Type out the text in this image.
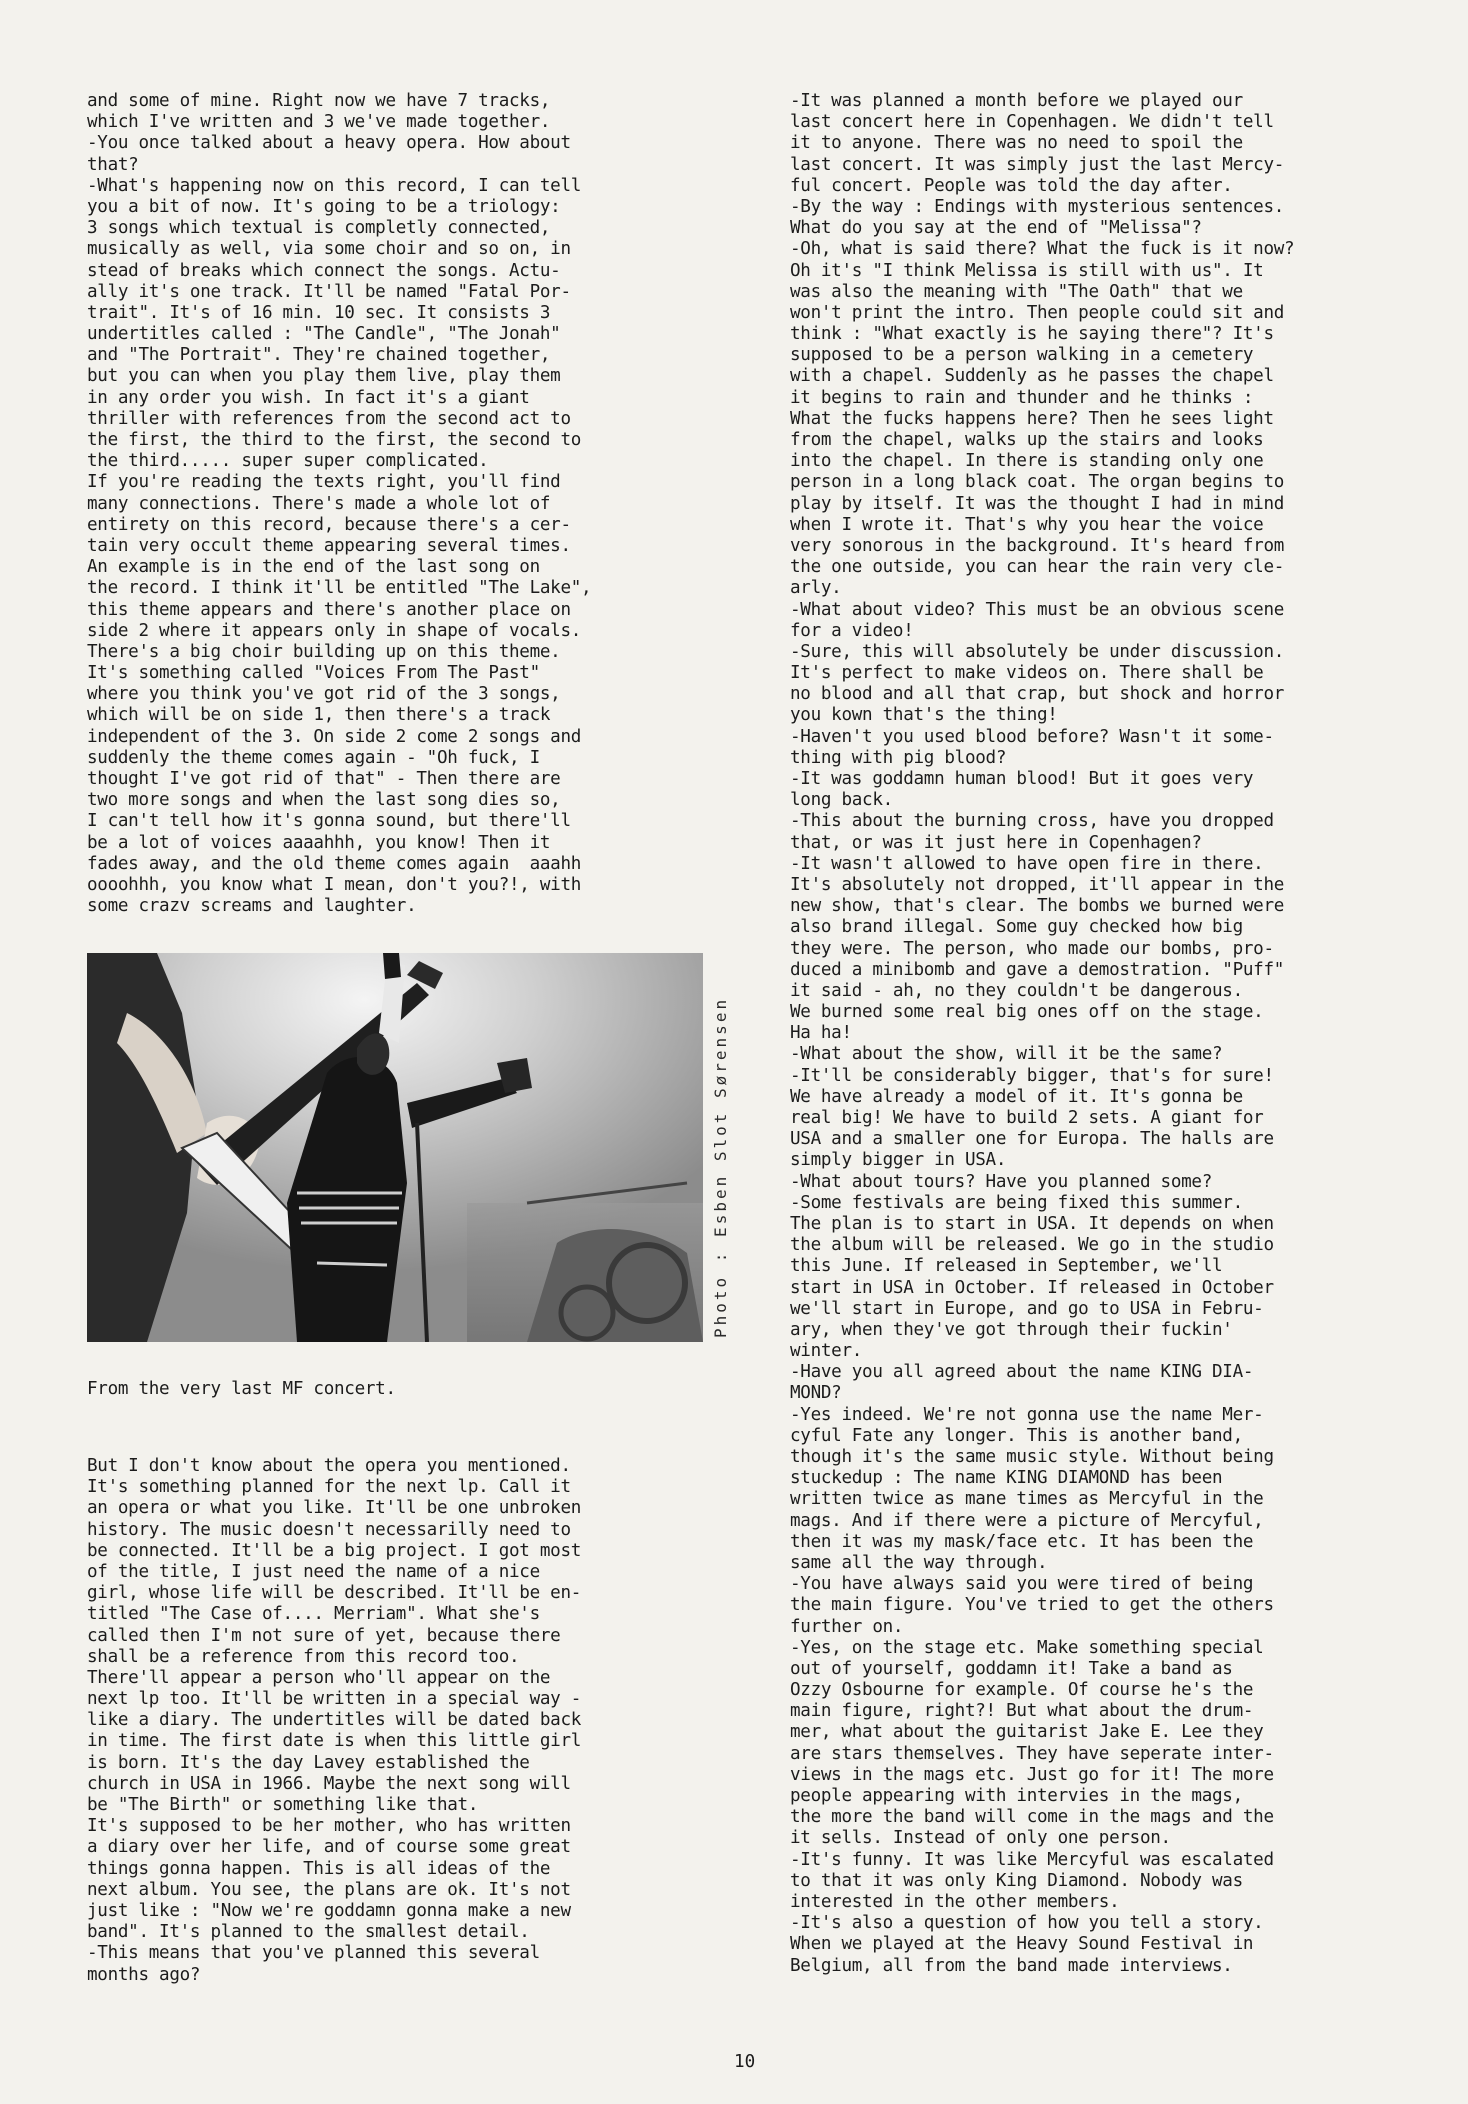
and some of mine. Right now we have 7 tracks,
which I've written and 3 we've made together.
-You once talked about a heavy opera. How about
that?
-What's happening now on this record, I can tell
you a bit of now. It's going to be a triology:
3 songs which textual is completly connected,
musically as well, via some choir and so on, in
stead of breaks which connect the songs. Actu-
ally it's one track. It'll be named "Fatal Por-
trait". It's of 16 min. 10 sec. It consists 3
undertitles called : "The Candle", "The Jonah"
and "The Portrait". They're chained together,
but you can when you play them live, play them
in any order you wish. In fact it's a giant
thriller with references from the second act to
the first, the third to the first, the second to
the third..... super super complicated.
If you're reading the texts right, you'll find
many connections. There's made a whole lot of
entirety on this record, because there's a cer-
tain very occult theme appearing several times.
An example is in the end of the last song on
the record. I think it'll be entitled "The Lake",
this theme appears and there's another place on
side 2 where it appears only in shape of vocals.
There's a big choir building up on this theme.
It's something called "Voices From The Past"
where you think you've got rid of the 3 songs,
which will be on side 1, then there's a track
independent of the 3. On side 2 come 2 songs and
suddenly the theme comes again - "Oh fuck, I
thought I've got rid of that" - Then there are
two more songs and when the last song dies so,
I can't tell how it's gonna sound, but there'll
be a lot of voices aaaahhh, you know! Then it
fades away, and the old theme comes again  aaahh
oooohhh, you know what I mean, don't you?!, with
some crazv screams and laughter.
Photo : Esben Slot Sørensen
From the very last MF concert.
But I don't know about the opera you mentioned.
It's something planned for the next lp. Call it
an opera or what you like. It'll be one unbroken
history. The music doesn't necessarilly need to
be connected. It'll be a big project. I got most
of the title, I just need the name of a nice
girl, whose life will be described. It'll be en-
titled "The Case of.... Merriam". What she's
called then I'm not sure of yet, because there
shall be a reference from this record too.
There'll appear a person who'll appear on the
next lp too. It'll be written in a special way -
like a diary. The undertitles will be dated back
in time. The first date is when this little girl
is born. It's the day Lavey established the
church in USA in 1966. Maybe the next song will
be "The Birth" or something like that.
It's supposed to be her mother, who has written
a diary over her life, and of course some great
things gonna happen. This is all ideas of the
next album. You see, the plans are ok. It's not
just like : "Now we're goddamn gonna make a new
band". It's planned to the smallest detail.
-This means that you've planned this several
months ago?
-It was planned a month before we played our
last concert here in Copenhagen. We didn't tell
it to anyone. There was no need to spoil the
last concert. It was simply just the last Mercy-
ful concert. People was told the day after.
-By the way : Endings with mysterious sentences.
What do you say at the end of "Melissa"?
-Oh, what is said there? What the fuck is it now?
Oh it's "I think Melissa is still with us". It
was also the meaning with "The Oath" that we
won't print the intro. Then people could sit and
think : "What exactly is he saying there"? It's
supposed to be a person walking in a cemetery
with a chapel. Suddenly as he passes the chapel
it begins to rain and thunder and he thinks :
What the fucks happens here? Then he sees light
from the chapel, walks up the stairs and looks
into the chapel. In there is standing only one
person in a long black coat. The organ begins to
play by itself. It was the thought I had in mind
when I wrote it. That's why you hear the voice
very sonorous in the background. It's heard from
the one outside, you can hear the rain very cle-
arly.
-What about video? This must be an obvious scene
for a video!
-Sure, this will absolutely be under discussion.
It's perfect to make videos on. There shall be
no blood and all that crap, but shock and horror
you kown that's the thing!
-Haven't you used blood before? Wasn't it some-
thing with pig blood?
-It was goddamn human blood! But it goes very
long back.
-This about the burning cross, have you dropped
that, or was it just here in Copenhagen?
-It wasn't allowed to have open fire in there.
It's absolutely not dropped, it'll appear in the
new show, that's clear. The bombs we burned were
also brand illegal. Some guy checked how big
they were. The person, who made our bombs, pro-
duced a minibomb and gave a demostration. "Puff"
it said - ah, no they couldn't be dangerous.
We burned some real big ones off on the stage.
Ha ha!
-What about the show, will it be the same?
-It'll be considerably bigger, that's for sure!
We have already a model of it. It's gonna be
real big! We have to build 2 sets. A giant for
USA and a smaller one for Europa. The halls are
simply bigger in USA.
-What about tours? Have you planned some?
-Some festivals are being fixed this summer.
The plan is to start in USA. It depends on when
the album will be released. We go in the studio
this June. If released in September, we'll
start in USA in October. If released in October
we'll start in Europe, and go to USA in Febru-
ary, when they've got through their fuckin'
winter.
-Have you all agreed about the name KING DIA-
MOND?
-Yes indeed. We're not gonna use the name Mer-
cyful Fate any longer. This is another band,
though it's the same music style. Without being
stuckedup : The name KING DIAMOND has been
written twice as mane times as Mercyful in the
mags. And if there were a picture of Mercyful,
then it was my mask/face etc. It has been the
same all the way through.
-You have always said you were tired of being
the main figure. You've tried to get the others
further on.
-Yes, on the stage etc. Make something special
out of yourself, goddamn it! Take a band as
Ozzy Osbourne for example. Of course he's the
main figure, right?! But what about the drum-
mer, what about the guitarist Jake E. Lee they
are stars themselves. They have seperate inter-
views in the mags etc. Just go for it! The more
people appearing with intervies in the mags,
the more the band will come in the mags and the
it sells. Instead of only one person.
-It's funny. It was like Mercyful was escalated
to that it was only King Diamond. Nobody was
interested in the other members.
-It's also a question of how you tell a story.
When we played at the Heavy Sound Festival in
Belgium, all from the band made interviews.
10
